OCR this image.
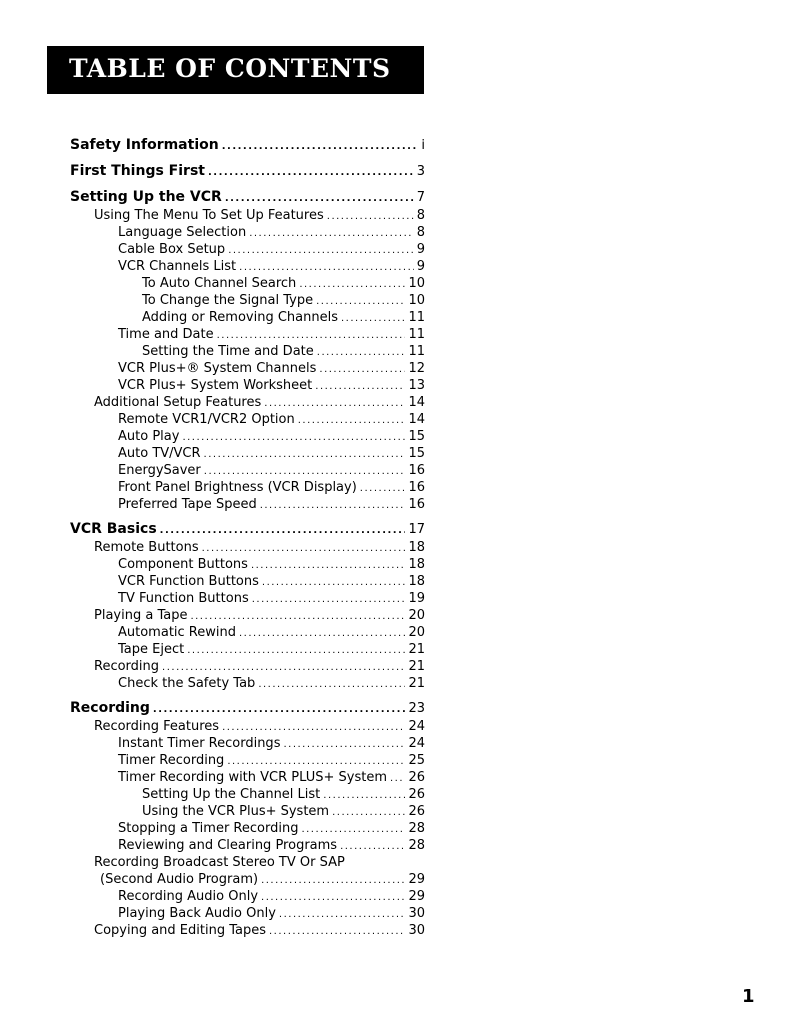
TABLE OF CONTENTS
Safety Information .....	i
First Things First .....	3
Setting Up the VCR .....	7
Using The Menu To Set Up Features .....	8
Language Selection .....	8
Cable Box Setup .....	9
VCR Channels List .....	9
To Auto Channel Search .....	10
To Change the Signal Type .....	10
Adding or Removing Channels .....	11
Time and Date .....	11
Setting the Time and Date .....	11
VCR Plus+® System Channels .....	12
VCR Plus+ System Worksheet .....	13
Additional Setup Features .....	14
Remote VCR1/VCR2 Option .....	14
Auto Play .....	15
Auto TV/VCR .....	15
EnergySaver .....	16
Front Panel Brightness (VCR Display) .....	16
Preferred Tape Speed .....	16
VCR Basics .....	17
Remote Buttons .....	18
Component Buttons .....	18
VCR Function Buttons .....	18
TV Function Buttons .....	19
Playing a Tape .....	20
Automatic Rewind .....	20
Tape Eject .....	21
Recording .....	21
Check the Safety Tab .....	21
Recording .....	23
Recording Features .....	24
Instant Timer Recordings .....	24
Timer Recording .....	25
Timer Recording with VCR PLUS+ System ..... 26
Setting Up the Channel List .....	26
Using the VCR Plus+ System .....	26
Stopping a Timer Recording .....	28
Reviewing and Clearing Programs .....	28
Recording Broadcast Stereo TV Or SAP
(Second Audio Program) .....	29
Recording Audio Only .....	29
Playing Back Audio Only .....	30
Copying and Editing Tapes .....	30
1
